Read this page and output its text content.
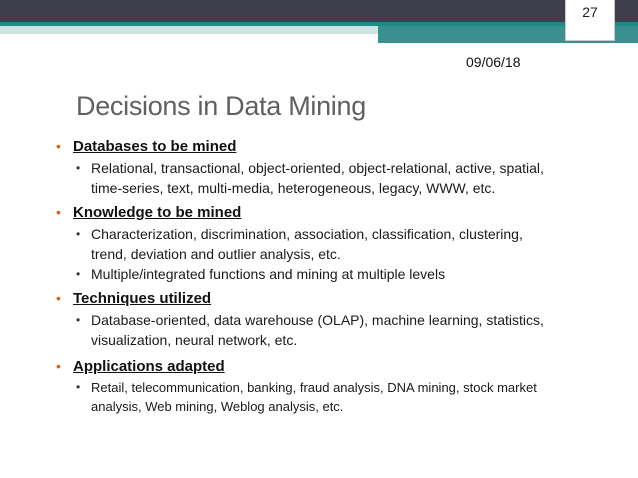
27
09/06/18
Decisions in Data Mining
• Databases to be mined
• Relational, transactional, object-oriented, object-relational, active, spatial, time-series, text, multi-media, heterogeneous, legacy, WWW, etc.
• Knowledge to be mined
• Characterization, discrimination, association, classification, clustering, trend, deviation and outlier analysis, etc.
• Multiple/integrated functions and mining at multiple levels
• Techniques utilized
• Database-oriented, data warehouse (OLAP), machine learning, statistics, visualization, neural network, etc.
• Applications adapted
• Retail, telecommunication, banking, fraud analysis, DNA mining, stock market analysis, Web mining, Weblog analysis, etc.
